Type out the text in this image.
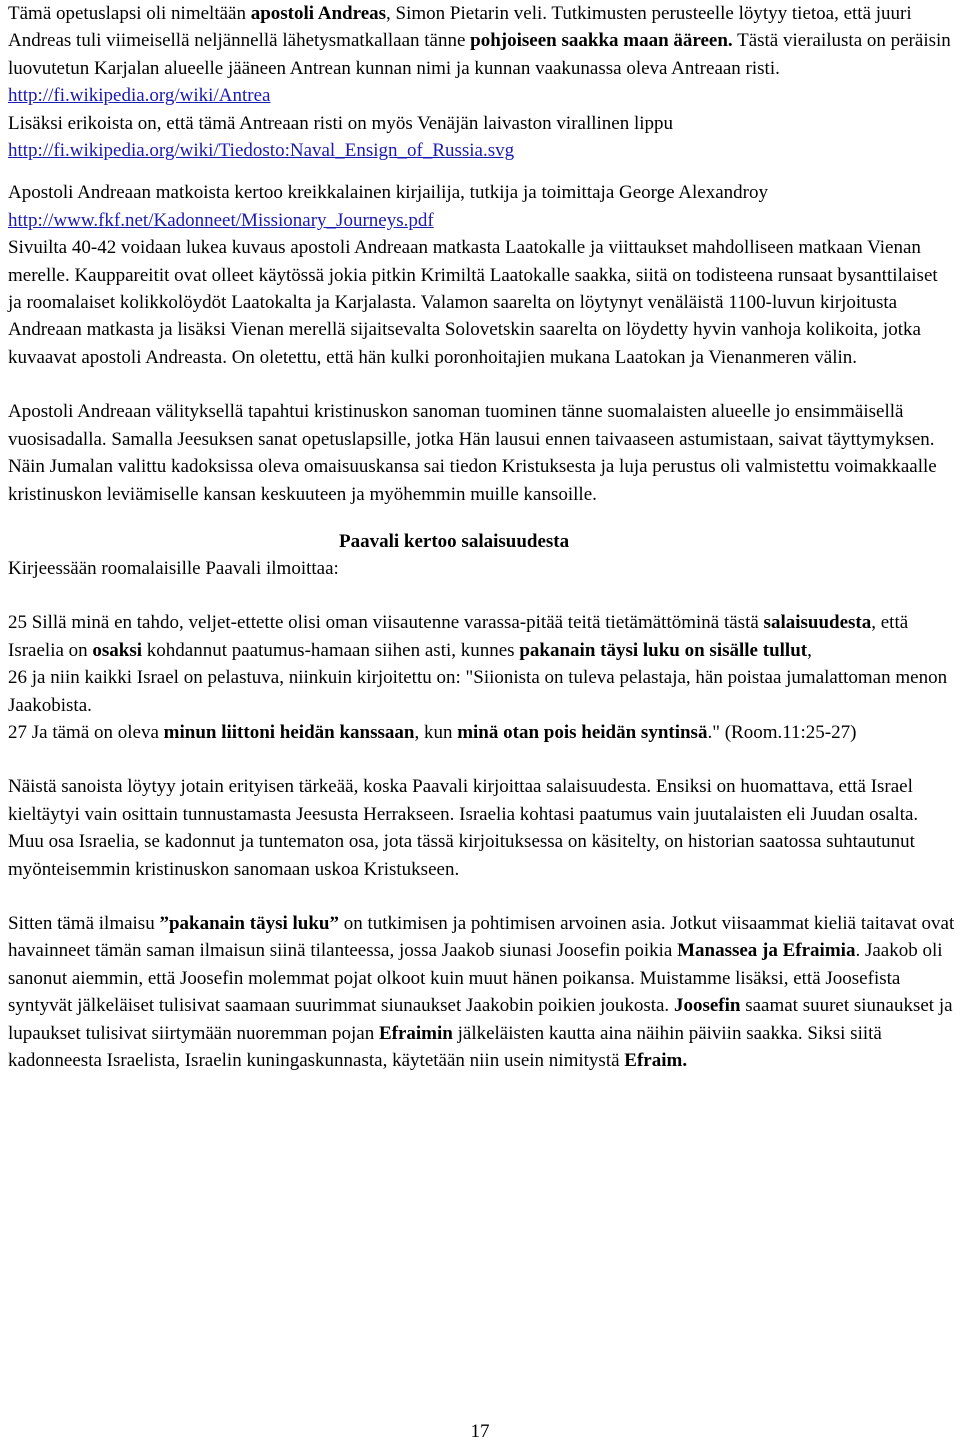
Tämä opetuslapsi oli nimeltään apostoli Andreas, Simon Pietarin veli. Tutkimusten perusteelle löytyy tietoa, että juuri Andreas tuli viimeisellä neljännellä lähetysmatkallaan tänne pohjoiseen saakka maan ääreen. Tästä vierailusta on peräisin luovutetun Karjalan alueelle jääneen Antrean kunnan nimi ja kunnan vaakunassa oleva Antreaan risti.
http://fi.wikipedia.org/wiki/Antrea
Lisäksi erikoista on, että tämä Antreaan risti on myös Venäjän laivaston virallinen lippu
http://fi.wikipedia.org/wiki/Tiedosto:Naval_Ensign_of_Russia.svg

Apostoli Andreaan matkoista kertoo kreikkalainen kirjailija, tutkija ja toimittaja George Alexandroy
http://www.fkf.net/Kadonneet/Missionary_Journeys.pdf
Sivuilta 40-42 voidaan lukea kuvaus apostoli Andreaan matkasta Laatokalle ja viittaukset mahdolliseen matkaan Vienan merelle. Kauppareitit ovat olleet käytössä jokia pitkin Krimiltä Laatokalle saakka, siitä on todisteena runsaat bysanttilaiset ja roomalaiset kolikkolöydöt Laatokalta ja Karjalasta. Valamon saarelta on löytynyt venäläistä 1100-luvun kirjoitusta Andreaan matkasta ja lisäksi Vienan merellä sijaitsevalta Solovetskin saarelta on löydetty hyvin vanhoja kolikoita, jotka kuvaavat apostoli Andreasta. On oletettu, että hän kulki poronhoitajien mukana Laatokan ja Vienanmeren välin.

Apostoli Andreaan välityksellä tapahtui kristinuskon sanoman tuominen tänne suomalaisten alueelle jo ensimmäisellä vuosisadalla. Samalla Jeesuksen sanat opetuslapsille, jotka Hän lausui ennen taivaaseen astumistaan, saivat täyttymyksen. Näin Jumalan valittu kadoksissa oleva omaisuuskansa sai tiedon Kristuksesta ja luja perustus oli valmistettu voimakkaalle kristinuskon leviämiselle kansan keskuuteen ja myöhemmin muille kansoille.

Paavali kertoo salaisuudesta

Kirjeessään roomalaisille Paavali ilmoittaa:

25 Sillä minä en tahdo, veljet-ettette olisi oman viisautenne varassa-pitää teitä tietämättöminä tästä salaisuudesta, että Israelia on osaksi kohdannut paatumus-hamaan siihen asti, kunnes pakanain täysi luku on sisälle tullut,

26 ja niin kaikki Israel on pelastuva, niinkuin kirjoitettu on: "Siionista on tuleva pelastaja, hän poistaa jumalattoman menon Jaakobista.

27 Ja tämä on oleva minun liittoni heidän kanssaan, kun minä otan pois heidän syntinsä." (Room.11:25-27)

Näistä sanoista löytyy jotain erityisen tärkeää, koska Paavali kirjoittaa salaisuudesta. Ensiksi on huomattava, että Israel kieltäytyi vain osittain tunnustamasta Jeesusta Herrakseen. Israelia kohtasi paatumus vain juutalaisten eli Juudan osalta. Muu osa Israelia, se kadonnut ja tuntematon osa, jota tässä kirjoituksessa on käsitelty, on historian saatossa suhtautunut myönteisemmin kristinuskon sanomaan uskoa Kristukseen.

Sitten tämä ilmaisu ”pakanain täysi luku” on tutkimisen ja pohtimisen arvoinen asia. Jotkut viisaammat kieliä taitavat ovat havainneet tämän saman ilmaisun siinä tilanteessa, jossa Jaakob siunasi Joosefin poikia Manassea ja Efraimia. Jaakob oli sanonut aiemmin, että Joosefin molemmat pojat olkoot kuin muut hänen poikansa. Muistamme lisäksi, että Joosefista syntyvät jälkeläiset tulisivat saamaan suurimmat siunaukset Jaakobin poikien joukosta. Joosefin saamat suuret siunaukset ja lupaukset tulisivat siirtymään nuoremman pojan Efraimin jälkeläisten kautta aina näihin päiviin saakka. Siksi siitä kadonneesta Israelista, Israelin kuningaskunnasta, käytetään niin usein nimitystä Efraim.

17
